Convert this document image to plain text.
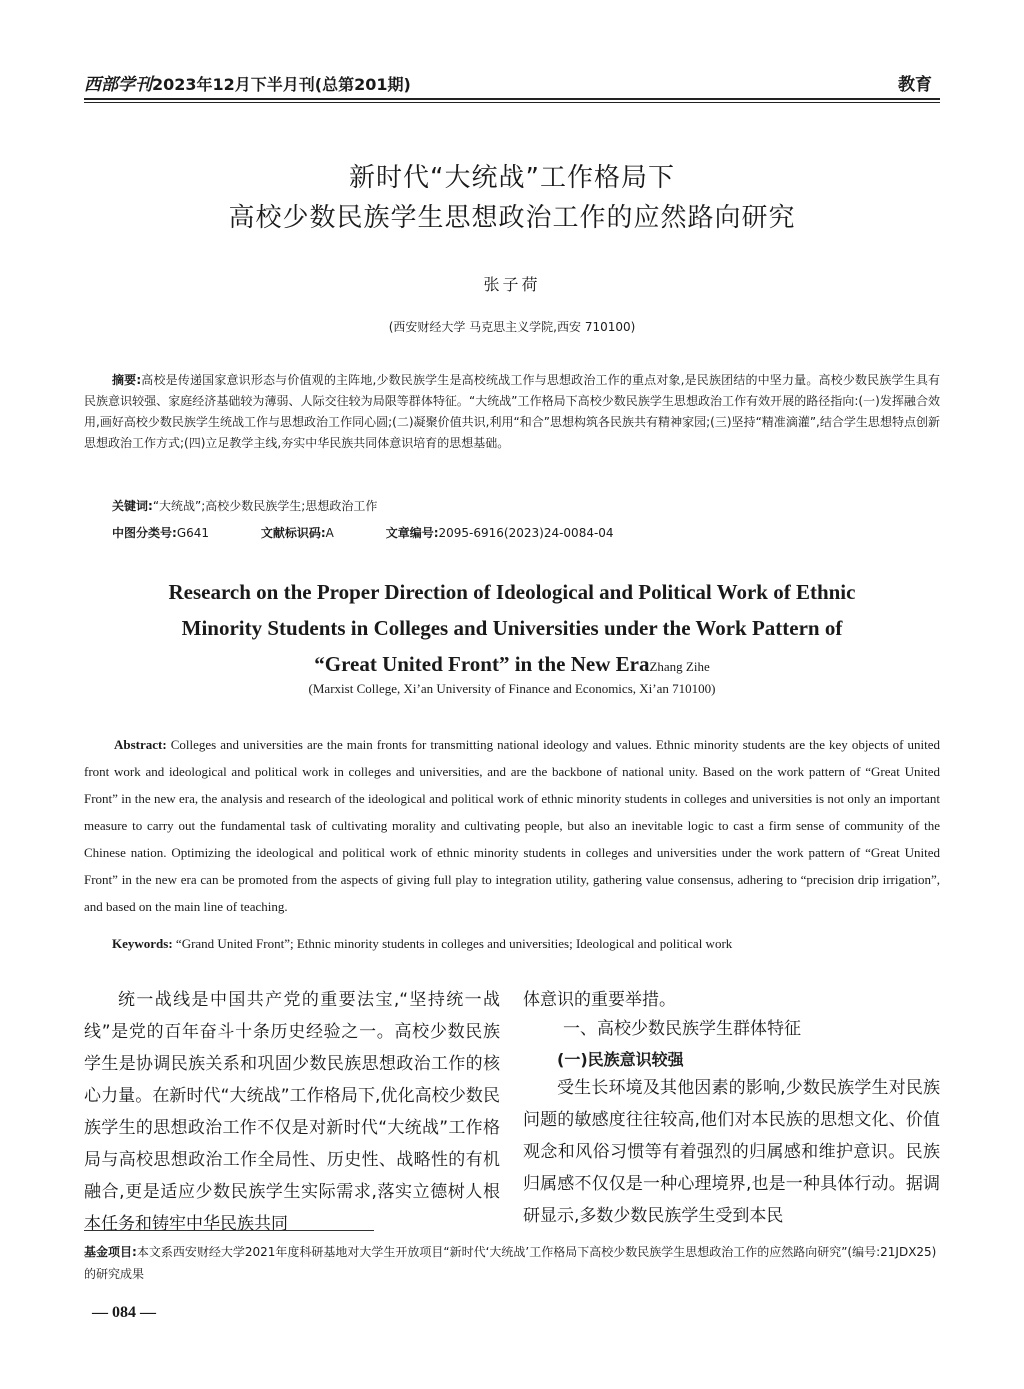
西部学刊2023年12月下半月刊(总第201期)	教育
新时代“大统战”工作格局下
高校少数民族学生思想政治工作的应然路向研究
张子荷
(西安财经大学 马克思主义学院,西安 710100)
摘要:高校是传递国家意识形态与价值观的主阵地,少数民族学生是高校统战工作与思想政治工作的重点对象,是民族团结的中坚力量。高校少数民族学生具有民族意识较强、家庭经济基础较为薄弱、人际交往较为局限等群体特征。“大统战”工作格局下高校少数民族学生思想政治工作有效开展的路径指向:(一)发挥融合效用,画好高校少数民族学生统战工作与思想政治工作同心圆;(二)凝聚价值共识,利用“和合”思想构筑各民族共有精神家园;(三)坚持“精准滴灌”,结合学生思想特点创新思想政治工作方式;(四)立足教学主线,夯实中华民族共同体意识培育的思想基础。
关键词:“大统战”;高校少数民族学生;思想政治工作
中图分类号:G641	文献标识码:A	文章编号:2095-6916(2023)24-0084-04
Research on the Proper Direction of Ideological and Political Work of Ethnic
Minority Students in Colleges and Universities under the Work Pattern of
“Great United Front” in the New EraZhang Zihe
(Marxist College, Xi’an University of Finance and Economics, Xi’an 710100)
Abstract: Colleges and universities are the main fronts for transmitting national ideology and values. Ethnic minority students are the key objects of united front work and ideological and political work in colleges and universities, and are the backbone of national unity. Based on the work pattern of “Great United Front” in the new era, the analysis and research of the ideological and political work of ethnic minority students in colleges and universities is not only an important measure to carry out the fundamental task of cultivating morality and cultivating people, but also an inevitable logic to cast a firm sense of community of the Chinese nation. Optimizing the ideological and political work of ethnic minority students in colleges and universities under the work pattern of “Great United Front” in the new era can be promoted from the aspects of giving full play to integration utility, gathering value consensus, adhering to “precision drip irrigation”, and based on the main line of teaching.
Keywords: “Grand United Front”; Ethnic minority students in colleges and universities; Ideological and political work
统一战线是中国共产党的重要法宝,“坚持统一战线”是党的百年奋斗十条历史经验之一。高校少数民族学生是协调民族关系和巩固少数民族思想政治工作的核心力量。在新时代“大统战”工作格局下,优化高校少数民族学生的思想政治工作不仅是对新时代“大统战”工作格局与高校思想政治工作全局性、历史性、战略性的有机融合,更是适应少数民族学生实际需求,落实立德树人根本任务和铸牢中华民族共同
体意识的重要举措。
一、高校少数民族学生群体特征
(一)民族意识较强
受生长环境及其他因素的影响,少数民族学生对民族问题的敏感度往往较高,他们对本民族的思想文化、价值观念和风俗习惯等有着强烈的归属感和维护意识。民族归属感不仅仅是一种心理境界,也是一种具体行动。据调研显示,多数少数民族学生受到本民
基金项目:本文系西安财经大学2021年度科研基地对大学生开放项目“新时代‘大统战’工作格局下高校少数民族学生思想政治工作的应然路向研究”(编号:21JDX25)的研究成果
— 084 —
